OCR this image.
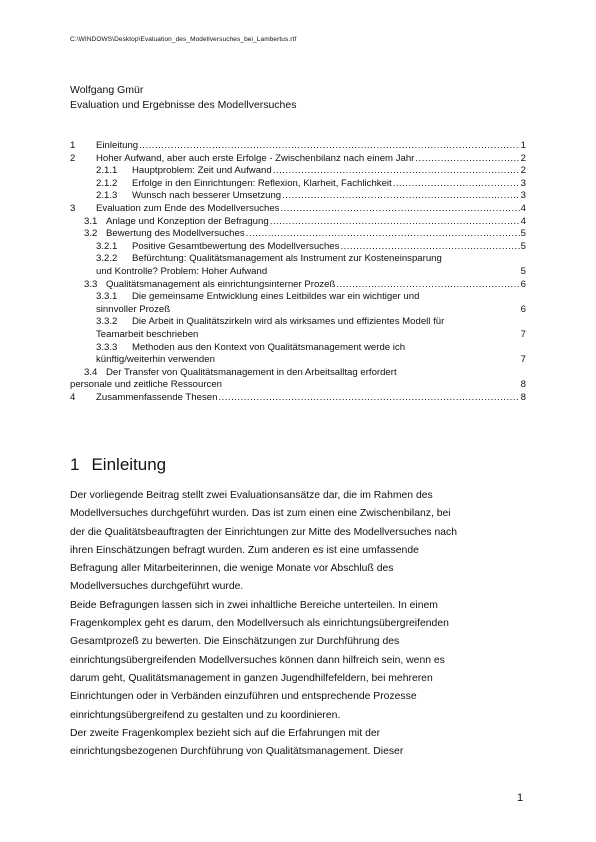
C:\WINDOWS\Desktop\Evaluation_des_Modellversuches_bei_Lambertus.rtf
Wolfgang Gmür
Evaluation und Ergebnisse des Modellversuches
1	Einleitung .....	1
2	Hoher Aufwand, aber auch erste Erfolge - Zwischenbilanz nach einem Jahr .....	2
2.1.1	Hauptproblem: Zeit und Aufwand .....	2
2.1.2	Erfolge in den Einrichtungen: Reflexion, Klarheit, Fachlichkeit .....	3
2.1.3	Wunsch nach besserer Umsetzung .....	3
3	Evaluation zum Ende des Modellversuches .....	4
3.1 Anlage und Konzeption der Befragung .....	4
3.2 Bewertung des Modellversuches .....	5
3.2.1	Positive Gesamtbewertung des Modellversuches .....	5
3.2.2 Befürchtung: Qualitätsmanagement als Instrument zur Kosteneinsparung
und Kontrolle? Problem: Hoher Aufwand	5
3.3 Qualitätsmanagement als einrichtungsinterner Prozeß .....	6
3.3.1 Die gemeinsame Entwicklung eines Leitbildes war ein wichtiger und
sinnvoller Prozeß	6
3.3.2 Die Arbeit in Qualitätszirkeln wird als wirksames und effizientes Modell für
Teamarbeit beschrieben	7
3.3.3 Methoden aus den Kontext von Qualitätsmanagement werde ich
künftig/weiterhin verwenden	7
3.4 Der Transfer von Qualitätsmanagement in den Arbeitsalltag erfordert
personale und zeitliche Ressourcen	8
4	Zusammenfassende Thesen .....	8
1 Einleitung

Der vorliegende Beitrag stellt zwei Evaluationsansätze dar, die im Rahmen des

Modellversuches durchgeführt wurden. Das ist zum einen eine Zwischenbilanz, bei

der die Qualitätsbeauftragten der Einrichtungen zur Mitte des Modellversuches nach

ihren Einschätzungen befragt wurden. Zum anderen es ist eine umfassende

Befragung aller Mitarbeiterinnen, die wenige Monate vor Abschluß des

Modellversuches durchgeführt wurde.

Beide Befragungen lassen sich in zwei inhaltliche Bereiche unterteilen. In einem

Fragenkomplex geht es darum, den Modellversuch als einrichtungsübergreifenden

Gesamtprozeß zu bewerten. Die Einschätzungen zur Durchführung des

einrichtungsübergreifenden Modellversuches können dann hilfreich sein, wenn es

darum geht, Qualitätsmanagement in ganzen Jugendhilfefeldern, bei mehreren

Einrichtungen oder in Verbänden einzuführen und entsprechende Prozesse

einrichtungsübergreifend zu gestalten und zu koordinieren.

Der zweite Fragenkomplex bezieht sich auf die Erfahrungen mit der

einrichtungsbezogenen Durchführung von Qualitätsmanagement. Dieser

1
